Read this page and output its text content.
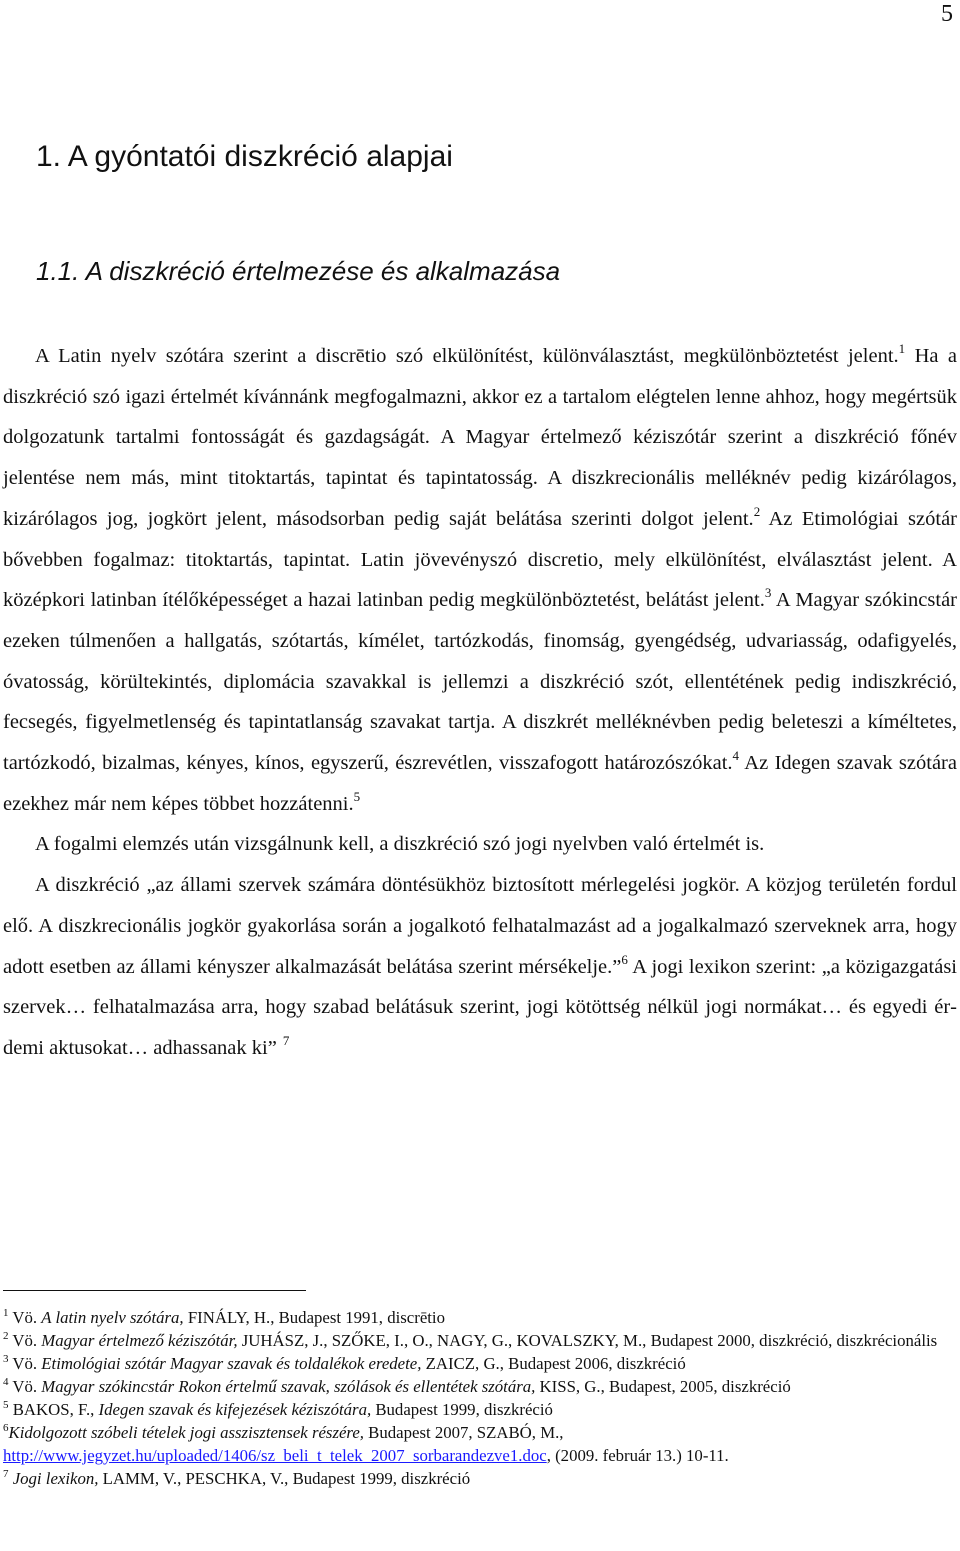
5
1. A gyóntatói diszkréció alapjai
1.1. A diszkréció értelmezése és alkalmazása

A Latin nyelv szótára szerint a discrētio szó elkülönítést, különválasztást, megkülönböztetést jelent.$^1$ Ha a diszkréció szó igazi értelmét kívánnánk megfogalmazni, akkor ez a tartalom elégtelen lenne ahhoz, hogy megértsük dolgozatunk tartalmi fontosságát és gazdagságát. A Magyar értelmező kéziszótár szerint a diszkréció főnév jelentése nem más, mint titoktartás, tapintat és tapintatosság. A diszkrecionális melléknév pedig kizárólagos, kizárólagos jog, jogkört jelent, másodsorban pedig saját belátása szerinti dolgot jelent.$^2$ Az Etimológiai szótár bővebben fogalmaz: titoktartás, tapintat. Latin jövevényszó discretio, mely elkülönítést, elválasztást jelent. A középkori latinban ítélőképességet a hazai latinban pedig megkülönböztetést, belátást jelent.$^3$ A Magyar szókincstár ezeken túlmenően a hallgatás, szótartás, kímélet, tartózkodás, finomság, gyengédség, udvariasság, odafigyelés, óvatosság, körültekintés, diplomácia szavakkal is jellemzi a diszkréció szót, ellentétének pedig indiszkréció, fecsegés, figyelmetlenség és tapintatlanság szavakat tartja. A diszkrét melléknévben pedig beleteszi a kíméltetes, tartózkodó, bizalmas, kényes, kínos, egyszerű, észrevétlen, visszafogott határozószókat.$^4$ Az Idegen szavak szótára ezekhez már nem képes többet hozzátenni.$^5$

A fogalmi elemzés után vizsgálnunk kell, a diszkréció szó jogi nyelvben való értelmét is.

A diszkréció „az állami szervek számára döntésükhöz biztosított mérlegelési jogkör. A közjog területén fordul elő. A diszkrecionális jogkör gyakorlása során a jogalkotó felhatalmazást ad a jogalkalmazó szerveknek arra, hogy adott esetben az állami kényszer alkalmazását belátása szerint mérsékelje.”$^6$ A jogi lexikon szerint: „a közigazgatási szervek… felhatalmazása arra, hogy szabad belátásuk szerint, jogi kötöttség nélkül jogi normákat… és egyedi érdemi aktusokat… adhassanak ki” $^7$

$^1$ Vö. A latin nyelv szótára, FINÁLY, H., Budapest 1991, discrētio
$^2$ Vö. Magyar értelmező kéziszótár, JUHÁSZ, J., SZŐKE, I., O., NAGY, G., KOVALSZKY, M., Budapest 2000, diszkréció, diszkrécionális
$^3$ Vö. Etimológiai szótár Magyar szavak és toldalékok eredete, ZAICZ, G., Budapest 2006, diszkréció
$^4$ Vö. Magyar szókincstár Rokon értelmű szavak, szólások és ellentétek szótára, KISS, G., Budapest, 2005, diszkréció
$^5$ BAKOS, F., Idegen szavak és kifejezések kéziszótára, Budapest 1999, diszkréció
$^6$Kidolgozott szóbeli tételek jogi asszisztensek részére, Budapest 2007, SZABÓ, M., http://www.jegyzet.hu/uploaded/1406/sz_beli_t_telek_2007_sorbarandezve1.doc, (2009. február 13.) 10-11.
$^7$ Jogi lexikon, LAMM, V., PESCHKA, V., Budapest 1999, diszkréció
